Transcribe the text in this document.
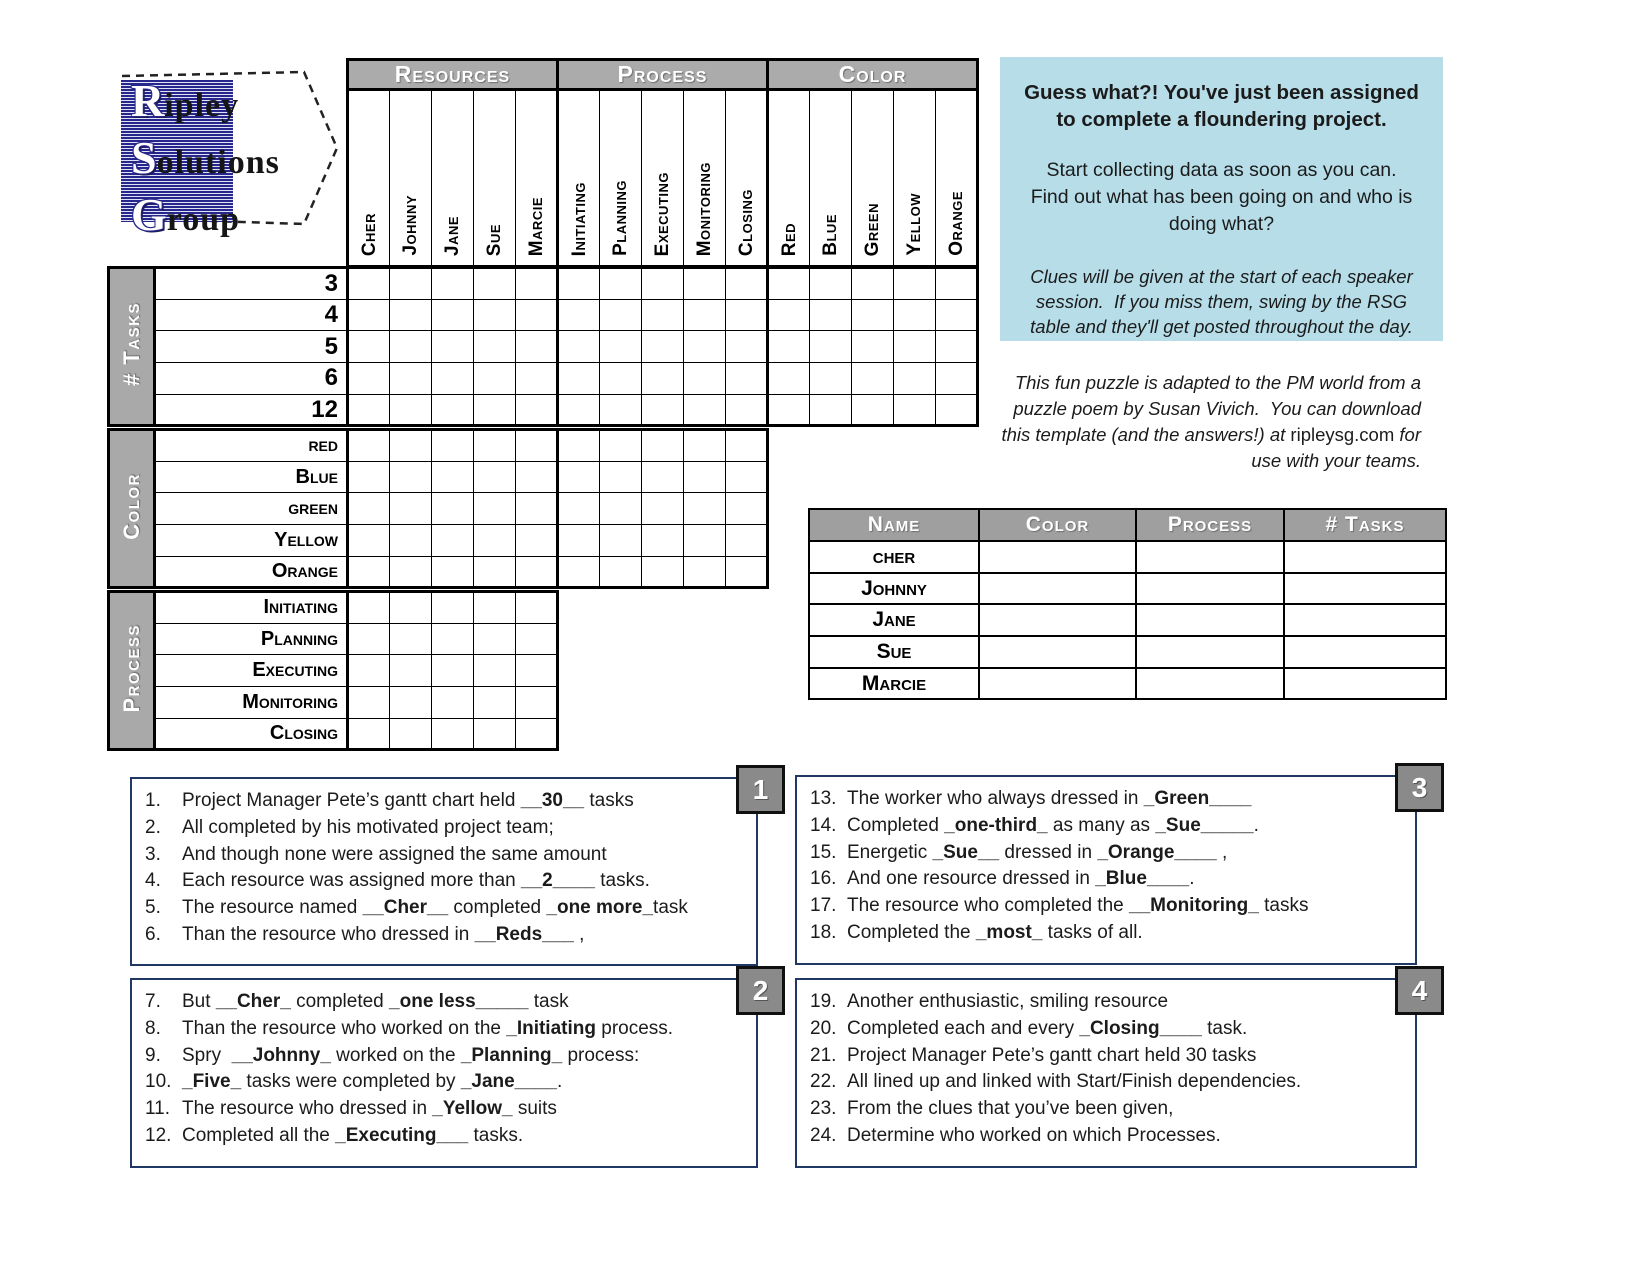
Ripley
Solutions
Group
Resources	Process	Color
Cher	Johnny	Jane	Sue	Marcie	Initiating	Planning	Executing	Monitoring	Closing	Red	Blue	Green	Yellow	Orange
# Tasks	3															
	4															
	5															
	6															
	12															
Color	red										
	Blue										
	green										
	Yellow										
	Orange										
Process	Initiating					
	Planning					
	Executing					
	Monitoring					
	Closing					

Guess what?! You've just been assigned to complete a floundering project.

Start collecting data as soon as you can.  Find out what has been going on and who is doing what?

Clues will be given at the start of each speaker session.  If you miss them, swing by the RSG table and they'll get posted throughout the day.

This fun puzzle is adapted to the PM world from a puzzle poem by Susan Vivich.  You can download this template (and the answers!) at ripleysg.com for use with your teams.
Name	Color	Process	# Tasks
cher			
Johnny			
Jane			
Sue			
Marcie			
1.	Project Manager Pete’s gantt chart held __30__ tasks
2.	All completed by his motivated project team;
3.	And though none were assigned the same amount
4.	Each resource was assigned more than __2____ tasks.
5.	The resource named __Cher__ completed _one more_task
6.	Than the resource who dressed in __Reds___ ,
7.	But __Cher_ completed _one less_____ task
8.	Than the resource who worked on the _Initiating process.
9.	Spry  __Johnny_ worked on the _Planning_ process:
10. _Five_ tasks were completed by _Jane____.
11. The resource who dressed in _Yellow_ suits
12. Completed all the _Executing___ tasks.
13. The worker who always dressed in _Green____
14. Completed _one-third_ as many as _Sue_____.
15. Energetic _Sue__ dressed in _Orange____ ,
16. And one resource dressed in _Blue____.
17. The resource who completed the __Monitoring_ tasks
18. Completed the _most_ tasks of all.
19. Another enthusiastic, smiling resource
20. Completed each and every _Closing____ task.
21. Project Manager Pete’s gantt chart held 30 tasks
22. All lined up and linked with Start/Finish dependencies.
23. From the clues that you’ve been given,
24. Determine who worked on which Processes.
1
2
3
4
